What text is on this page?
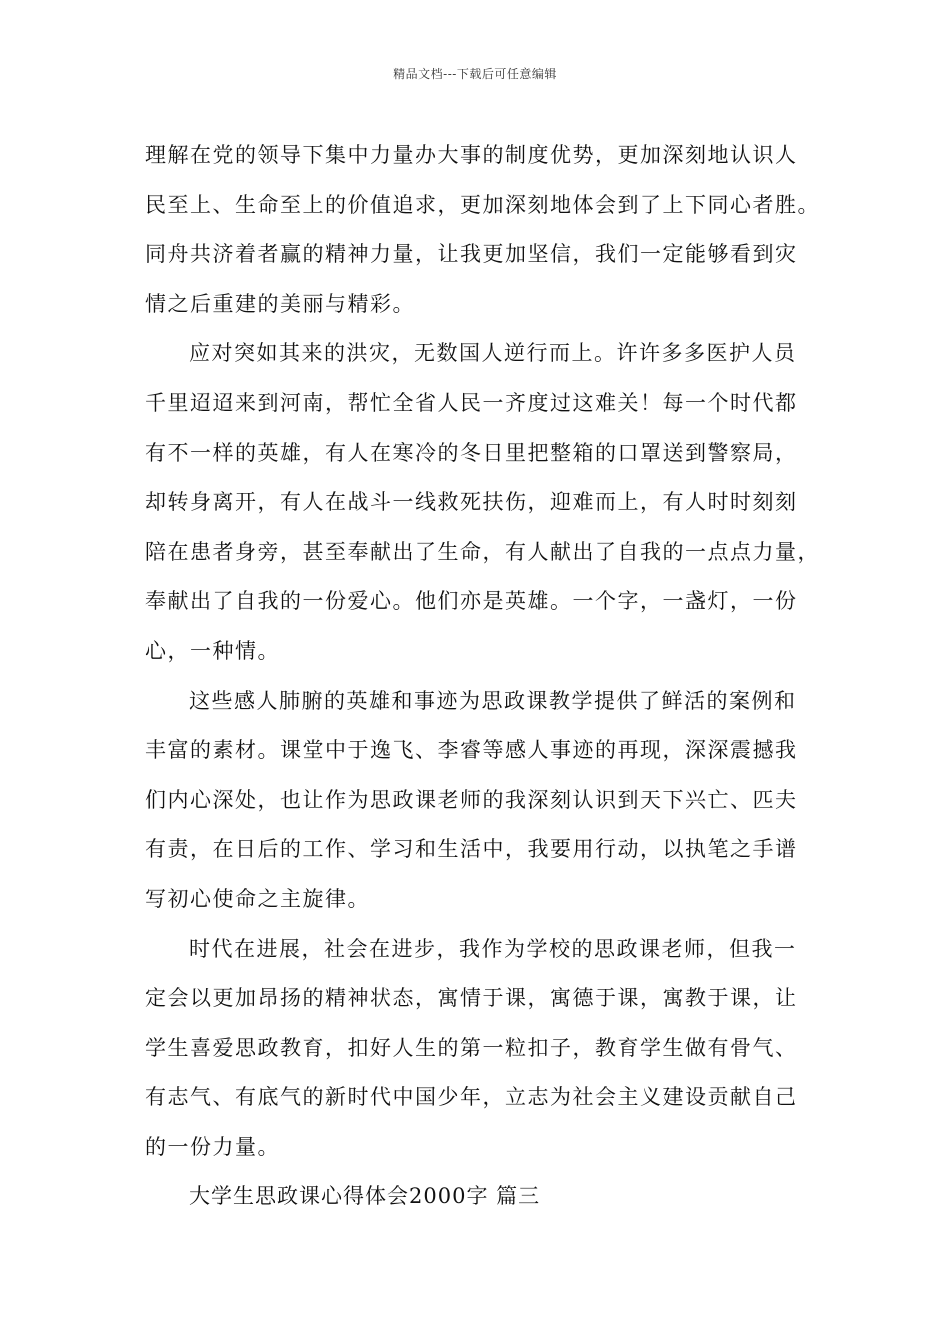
精品文档---下载后可任意编辑
理解在党的领导下集中力量办大事的制度优势，更加深刻地认识人
民至上、生命至上的价值追求，更加深刻地体会到了上下同心者胜。
同舟共济着者赢的精神力量，让我更加坚信，我们一定能够看到灾
情之后重建的美丽与精彩。
应对突如其来的洪灾，无数国人逆行而上。许许多多医护人员
千里迢迢来到河南，帮忙全省人民一齐度过这难关！每一个时代都
有不一样的英雄，有人在寒冷的冬日里把整箱的口罩送到警察局，
却转身离开，有人在战斗一线救死扶伤，迎难而上，有人时时刻刻
陪在患者身旁，甚至奉献出了生命，有人献出了自我的一点点力量，
奉献出了自我的一份爱心。他们亦是英雄。一个字，一盏灯，一份
心，一种情。
这些感人肺腑的英雄和事迹为思政课教学提供了鲜活的案例和
丰富的素材。课堂中于逸飞、李睿等感人事迹的再现，深深震撼我
们内心深处，也让作为思政课老师的我深刻认识到天下兴亡、匹夫
有责，在日后的工作、学习和生活中，我要用行动，以执笔之手谱
写初心使命之主旋律。
时代在进展，社会在进步，我作为学校的思政课老师，但我一
定会以更加昂扬的精神状态，寓情于课，寓德于课，寓教于课，让
学生喜爱思政教育，扣好人生的第一粒扣子，教育学生做有骨气、
有志气、有底气的新时代中国少年，立志为社会主义建设贡献自己
的一份力量。
大学生思政课心得体会2000字 篇三
